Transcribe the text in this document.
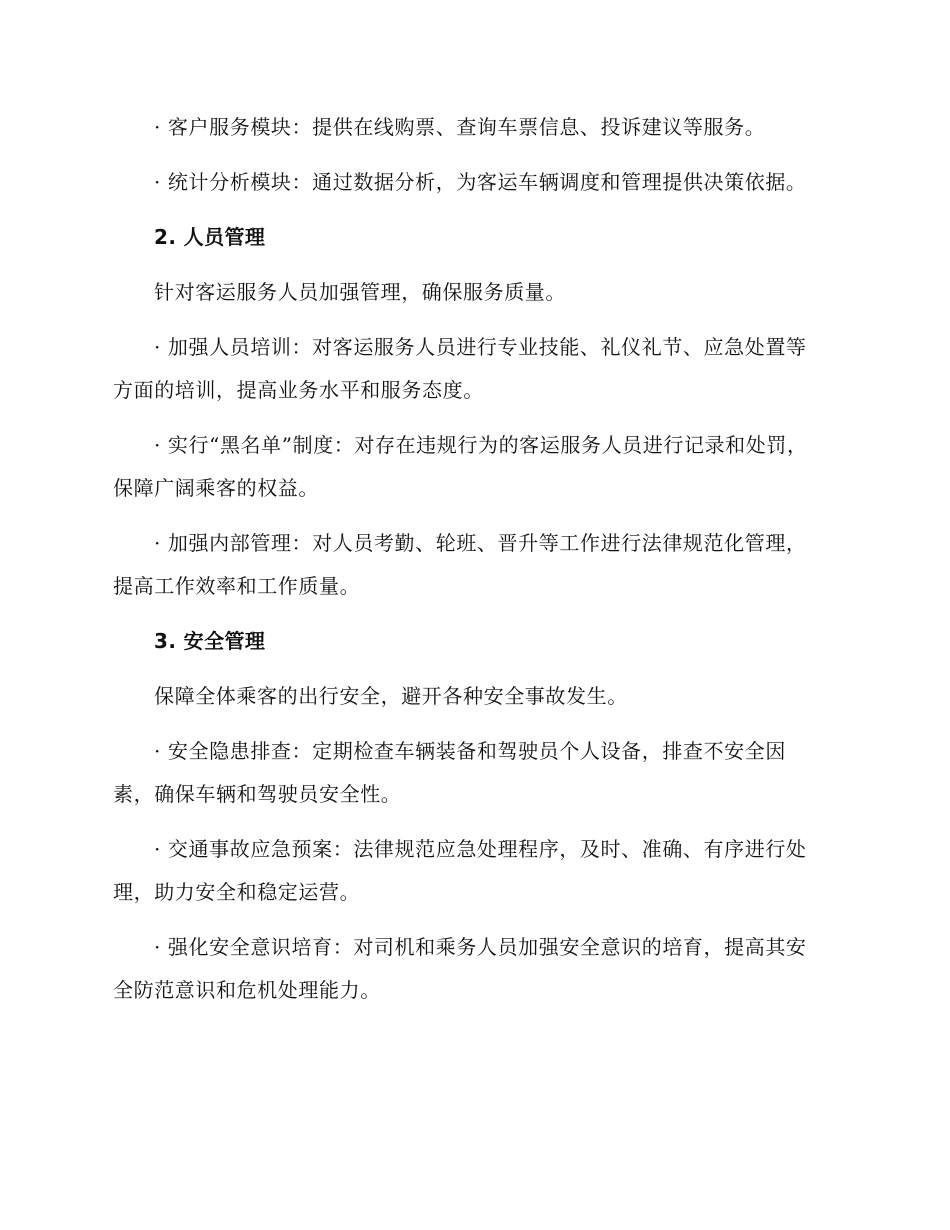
· 客户服务模块：提供在线购票、查询车票信息、投诉建议等服务。

· 统计分析模块：通过数据分析，为客运车辆调度和管理提供决策依据。

2. 人员管理

针对客运服务人员加强管理，确保服务质量。

· 加强人员培训：对客运服务人员进行专业技能、礼仪礼节、应急处置等方面的培训，提高业务水平和服务态度。

· 实行“黑名单”制度：对存在违规行为的客运服务人员进行记录和处罚，保障广阔乘客的权益。

· 加强内部管理：对人员考勤、轮班、晋升等工作进行法律规范化管理，提高工作效率和工作质量。

3. 安全管理

保障全体乘客的出行安全，避开各种安全事故发生。

· 安全隐患排查：定期检查车辆装备和驾驶员个人设备，排查不安全因素，确保车辆和驾驶员安全性。

· 交通事故应急预案：法律规范应急处理程序，及时、准确、有序进行处理，助力安全和稳定运营。

· 强化安全意识培育：对司机和乘务人员加强安全意识的培育，提高其安全防范意识和危机处理能力。
